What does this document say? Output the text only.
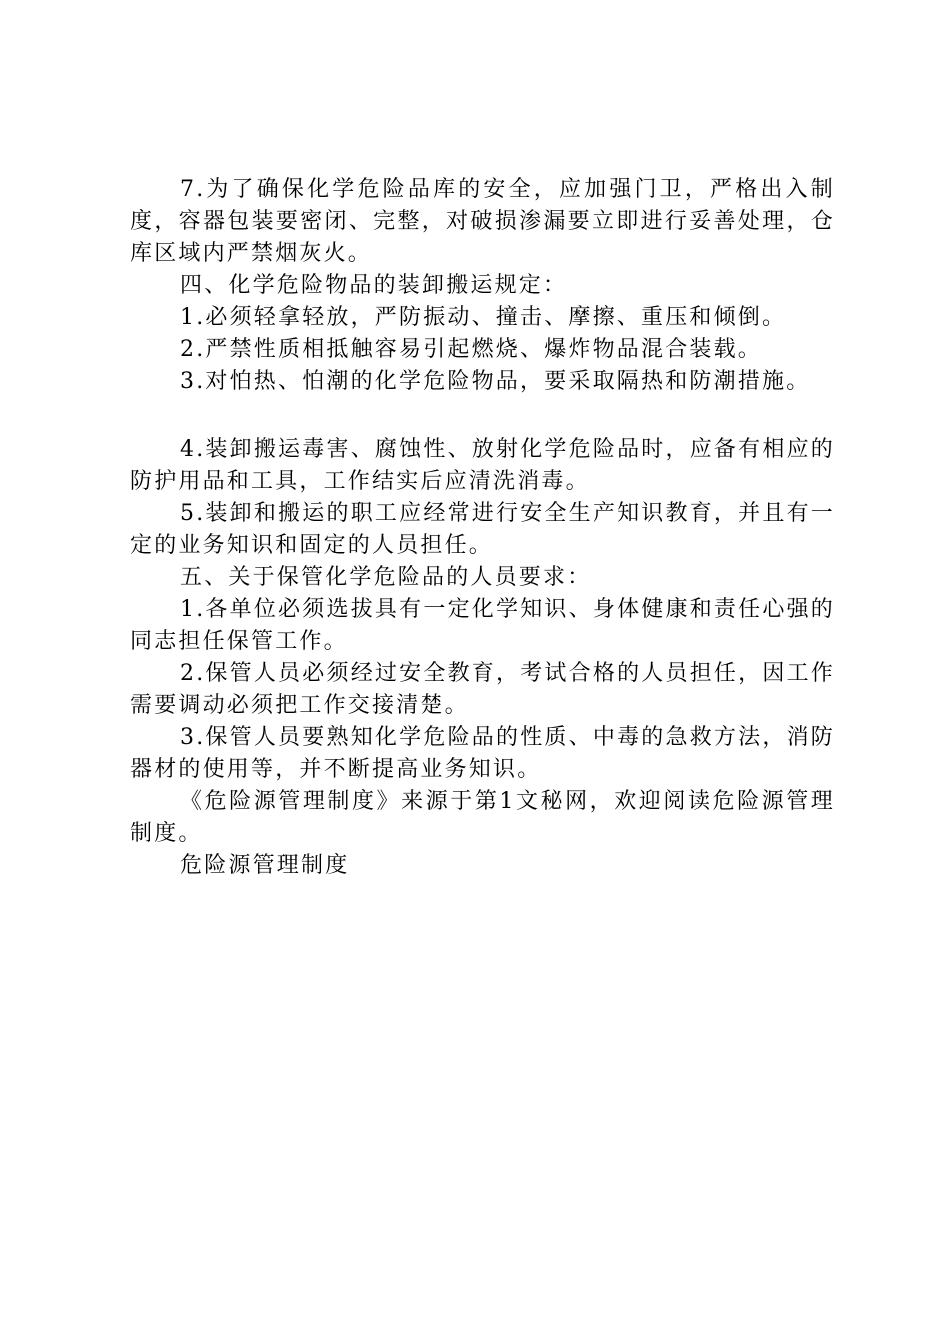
7.为了确保化学危险品库的安全，应加强门卫，严格出入制度，容器包装要密闭、完整，对破损渗漏要立即进行妥善处理，仓库区域内严禁烟灰火。

四、化学危险物品的装卸搬运规定：

1.必须轻拿轻放，严防振动、撞击、摩擦、重压和倾倒。

2.严禁性质相抵触容易引起燃烧、爆炸物品混合装载。

3.对怕热、怕潮的化学危险物品，要采取隔热和防潮措施。

4.装卸搬运毒害、腐蚀性、放射化学危险品时，应备有相应的防护用品和工具，工作结实后应清洗消毒。

5.装卸和搬运的职工应经常进行安全生产知识教育，并且有一定的业务知识和固定的人员担任。

五、关于保管化学危险品的人员要求：

1.各单位必须选拔具有一定化学知识、身体健康和责任心强的同志担任保管工作。

2.保管人员必须经过安全教育，考试合格的人员担任，因工作需要调动必须把工作交接清楚。

3.保管人员要熟知化学危险品的性质、中毒的急救方法，消防器材的使用等，并不断提高业务知识。

《危险源管理制度》来源于第1文秘网，欢迎阅读危险源管理制度。

危险源管理制度
